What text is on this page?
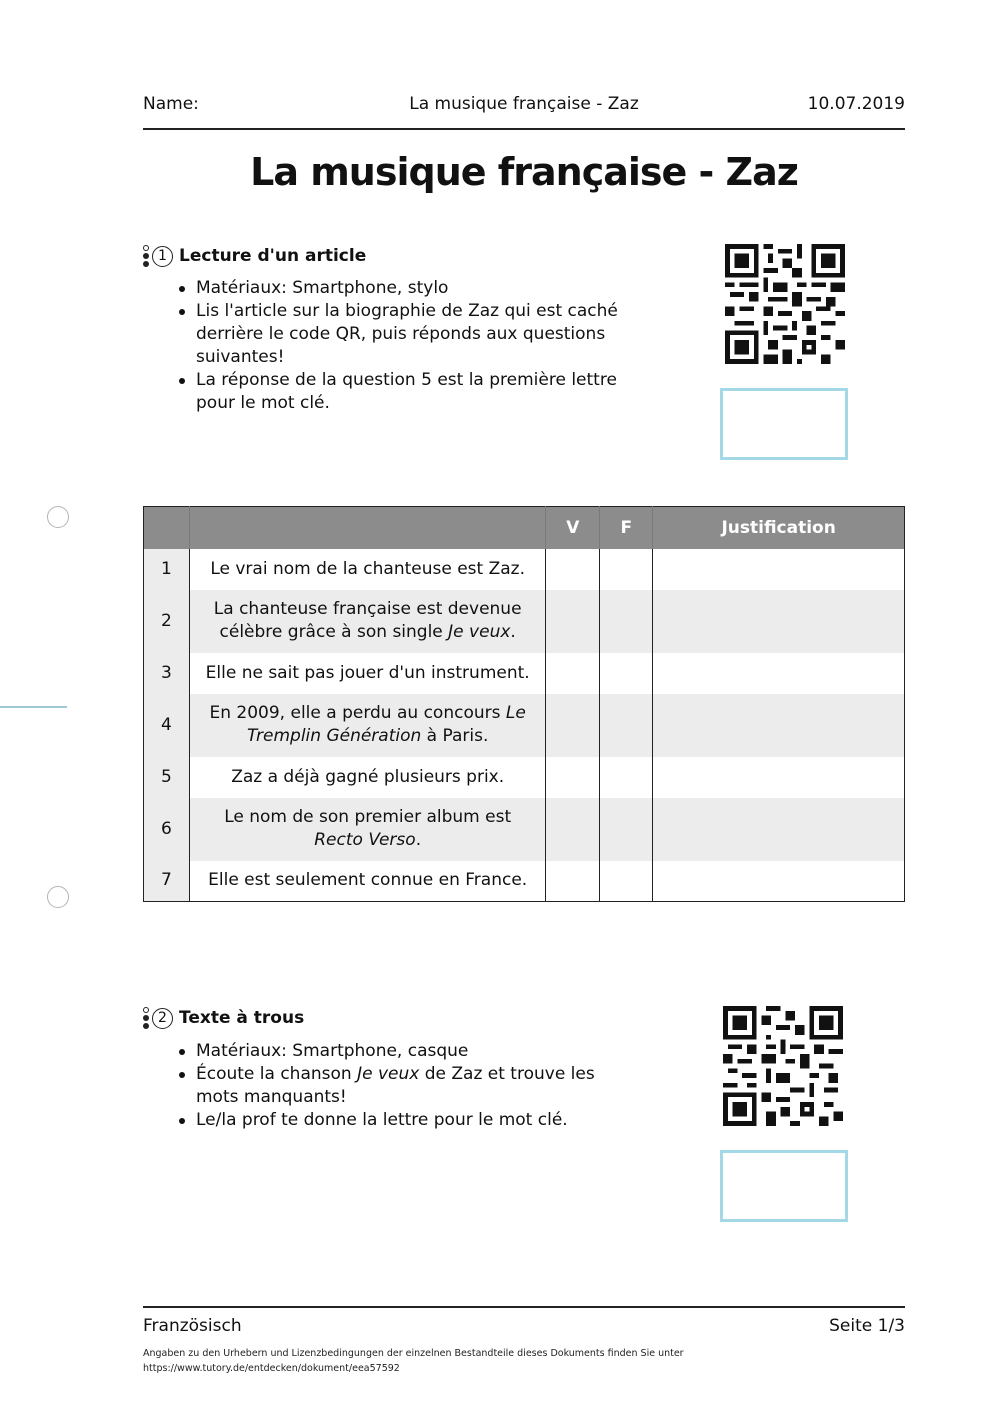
La musique française - Zaz
Name:	10.07.2019
La musique française - Zaz
1 Lecture d'un article
Matériaux: Smartphone, stylo
Lis l'article sur la biographie de Zaz qui est caché derrière le code QR, puis réponds aux questions suivantes!
La réponse de la question 5 est la première lettre pour le mot clé.
		V	F	Justification
1	Le vrai nom de la chanteuse est Zaz.			
2	La chanteuse française est devenue célèbre grâce à son single Je veux.			
3	Elle ne sait pas jouer d'un instrument.			
4	En 2009, elle a perdu au concours Le Tremplin Génération à Paris.			
5	Zaz a déjà gagné plusieurs prix.			
6	Le nom de son premier album est Recto Verso.			
7	Elle est seulement connue en France.			
2 Texte à trous
Matériaux: Smartphone, casque
Écoute la chanson Je veux de Zaz et trouve les mots manquants!
Le/la prof te donne la lettre pour le mot clé.
Französisch	Seite 1/3
Angaben zu den Urhebern und Lizenzbedingungen der einzelnen Bestandteile dieses Dokuments finden Sie unter
https://www.tutory.de/entdecken/dokument/eea57592
